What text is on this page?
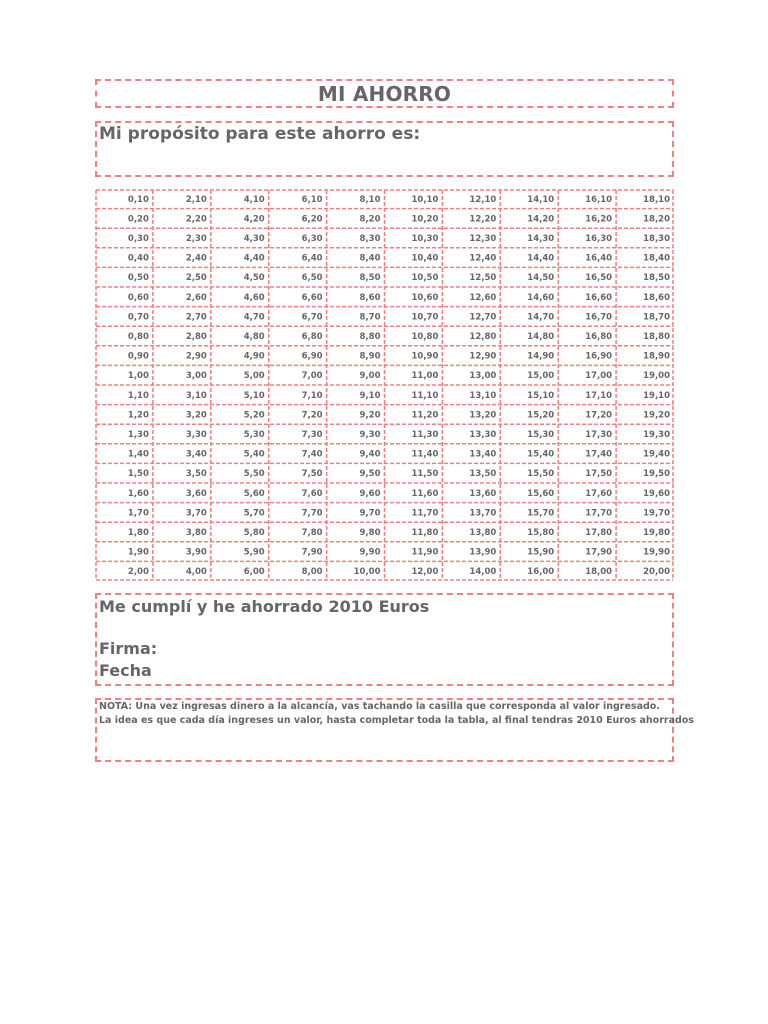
MI AHORRO
Mi propósito para este ahorro es:
0,10
0,20
0,30
0,40
0,50
0,60
0,70
0,80
0,90
1,00
1,10
1,20
1,30
1,40
1,50
1,60
1,70
1,80
1,90
2,00
2,10
2,20
2,30
2,40
2,50
2,60
2,70
2,80
2,90
3,00
3,10
3,20
3,30
3,40
3,50
3,60
3,70
3,80
3,90
4,00
4,10
4,20
4,30
4,40
4,50
4,60
4,70
4,80
4,90
5,00
5,10
5,20
5,30
5,40
5,50
5,60
5,70
5,80
5,90
6,00
6,10
6,20
6,30
6,40
6,50
6,60
6,70
6,80
6,90
7,00
7,10
7,20
7,30
7,40
7,50
7,60
7,70
7,80
7,90
8,00
8,10
8,20
8,30
8,40
8,50
8,60
8,70
8,80
8,90
9,00
9,10
9,20
9,30
9,40
9,50
9,60
9,70
9,80
9,90
10,00
10,10
10,20
10,30
10,40
10,50
10,60
10,70
10,80
10,90
11,00
11,10
11,20
11,30
11,40
11,50
11,60
11,70
11,80
11,90
12,00
12,10
12,20
12,30
12,40
12,50
12,60
12,70
12,80
12,90
13,00
13,10
13,20
13,30
13,40
13,50
13,60
13,70
13,80
13,90
14,00
14,10
14,20
14,30
14,40
14,50
14,60
14,70
14,80
14,90
15,00
15,10
15,20
15,30
15,40
15,50
15,60
15,70
15,80
15,90
16,00
16,10
16,20
16,30
16,40
16,50
16,60
16,70
16,80
16,90
17,00
17,10
17,20
17,30
17,40
17,50
17,60
17,70
17,80
17,90
18,00
18,10
18,20
18,30
18,40
18,50
18,60
18,70
18,80
18,90
19,00
19,10
19,20
19,30
19,40
19,50
19,60
19,70
19,80
19,90
20,00
Me cumplí y he ahorrado 2010 Euros
Firma:
Fecha
NOTA: Una vez ingresas dinero a la alcancía, vas tachando la casilla que corresponda al valor ingresado.
La idea es que cada día ingreses un valor, hasta completar toda la tabla, al final tendras 2010 Euros ahorrados
